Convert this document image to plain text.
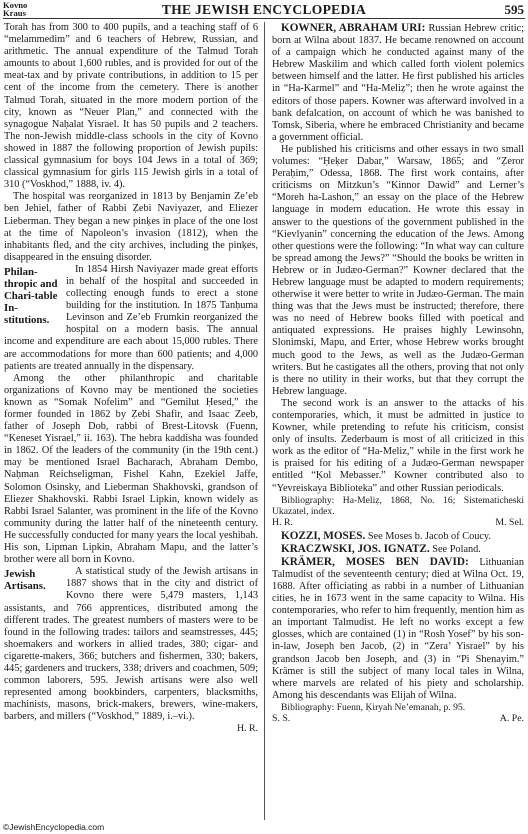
Kovno
Kraus	THE JEWISH ENCYCLOPEDIA	595

Torah has from 300 to 400 pupils, and a teaching staff of 6 “melammedim” and 6 teachers of Hebrew, Russian, and arithmetic. The annual expenditure of the Talmud Torah amounts to about 1,600 rubles, and is provided for out of the meat-tax and by private contributions, in addition to 15 per cent of the income from the cemetery. There is another Talmud Torah, situated in the more modern portion of the city, known as “Neuer Plan,” and connected with the synagogue Naḥalat Yisrael. It has 50 pupils and 2 teachers. The non-Jewish middle-class schools in the city of Kovno showed in 1887 the following proportion of Jewish pupils: classical gymnasium for boys 104 Jews in a total of 369; classical gymnasium for girls 115 Jewish girls in a total of 310 (“Voskhod,” 1888, iv. 4).

The hospital was reorganized in 1813 by Benjamin Ze’eb ben Jehiel, father of Rabbi Ẓebi Naviyazer, and Eliezer Lieberman. They began a new pinḳes in place of the one lost at the time of Napoleon’s invasion (1812), when the inhabitants fled, and the city archives, including the pinḳes, disappeared in the ensuing disorder.

Philan-thropic and Chari-table In-stitutions.
In 1854 Hirsh Naviyazer made great efforts in behalf of the hospital and succeeded in collecting enough funds to erect a stone building for the institution. In 1875 Tanḥuma Levinson and Ze’eb Frumkin reorganized the hospital on a modern basis. The annual income and expenditure are each about 15,000 rubles. There are accommodations for more than 600 patients; and 4,000 patients are treated annually in the dispensary.

Among the other philanthropic and charitable organizations of Kovno may be mentioned the societies known as “Somak Nofelim” and “Gemilut Ḥesed,” the former founded in 1862 by Ẓebi Shafir, and Isaac Zeeb, father of Joseph Dob, rabbi of Brest-Litovsk (Fuenn, “Keneset Yisrael,” ii. 163). The hebra kaddisha was founded in 1862. Of the leaders of the community (in the 19th cent.) may be mentioned Israel Bacharach, Abraham Dembo, Naḥman Reichseligman, Fishel Kahn, Ezekiel Jaffe, Solomon Osinsky, and Lieberman Shakhovski, grandson of Eliezer Shakhovski. Rabbi Israel Lipkin, known widely as Rabbi Israel Salanter, was prominent in the life of the Kovno community during the latter half of the nineteenth century. He successfully conducted for many years the local yeshibah. His son, Lipman Lipkin, Abraham Mapu, and the latter’s brother were all born in Kovno.

Jewish Artisans.
A statistical study of the Jewish artisans in 1887 shows that in the city and district of Kovno there were 5,479 masters, 1,143 assistants, and 766 apprentices, distributed among the different trades. The greatest numbers of masters were to be found in the following trades: tailors and seamstresses, 445; shoemakers and workers in allied trades, 380; cigar- and cigarette-makers, 366; butchers and fishermen, 330; bakers, 445; gardeners and truckers, 338; drivers and coachmen, 509; common laborers, 595. Jewish artisans were also well represented among bookbinders, carpenters, blacksmiths, machinists, masons, brick-makers, brewers, wine-makers, barbers, and millers (“Voskhod,” 1889, i.–vi.).

H. R.

KOWNER, ABRAHAM URI: Russian Hebrew critic; born at Wilna about 1837. He became renowned on account of a campaign which he conducted against many of the Hebrew Maskilim and which called forth violent polemics between himself and the latter. He first published his articles in “Ha-Karmel” and “Ha-Meliẓ”; then he wrote against the editors of those papers. Kowner was afterward involved in a bank defalcation, on account of which he was banished to Tomsk, Siberia, where he embraced Christianity and became a government official.

He published his criticisms and other essays in two small volumes: “Ḥeḳer Dabar,” Warsaw, 1865; and “Ẓeror Peraḥim,” Odessa, 1868. The first work contains, after criticisms on Mitzkun’s “Kinnor Dawid” and Lerner’s “Moreh ha-Lashon,” an essay on the place of the Hebrew language in modern education. He wrote this essay in answer to the questions of the government published in the “Kievlyanin” concerning the education of the Jews. Among other questions were the following: “In what way can culture be spread among the Jews?” “Should the books be written in Hebrew or in Judæo-German?” Kowner declared that the Hebrew language must be adapted to modern requirements; otherwise it were better to write in Judæo-German. The main thing was that the Jews must be instructed; therefore, there was no need of Hebrew books filled with poetical and antiquated expressions. He praises highly Lewinsohn, Slonimski, Mapu, and Erter, whose Hebrew works brought much good to the Jews, as well as the Judæo-German writers. But he castigates all the others, proving that not only is there no utility in their works, but that they corrupt the Hebrew language.

The second work is an answer to the attacks of his contemporaries, which, it must be admitted in justice to Kowner, while pretending to refute his criticism, consist only of insults. Zederbaum is most of all criticized in this work as the editor of “Ha-Meliz,” while in the first work he is praised for his editing of a Judæo-German newspaper entitled “Ḳol Mebasser.” Kowner contributed also to “Yevreiskaya Biblioteka” and other Russian periodicals.

Bibliography: Ha-Meliẓ, 1868, No. 16; Sistematicheski Ukazatel, index.

H. R.	M. Sel.

KOZZI, MOSES. See Moses b. Jacob of Coucy.

KRACZWSKI, JOS. IGNATZ. See Poland.

KRÄMER, MOSES BEN DAVID: Lithuanian Talmudist of the seventeenth century; died at Wilna Oct. 19, 1688. After officiating as rabbi in a number of Lithuanian cities, he in 1673 went in the same capacity to Wilna. His contemporaries, who refer to him frequently, mention him as an important Talmudist. He left no works except a few glosses, which are contained (1) in “Rosh Yosef” by his son-in-law, Joseph ben Jacob, (2) in “Zera’ Yisrael” by his grandson Jacob ben Joseph, and (3) in “Pi Shenayim.” Krämer is still the subject of many local tales in Wilna, where marvels are related of his piety and scholarship. Among his descendants was Elijah of Wilna.

Bibliography: Fuenn, Ḳiryah Ne’emanah, p. 95.

S. S.	A. Pe.
©JewishEncyclopedia.com
